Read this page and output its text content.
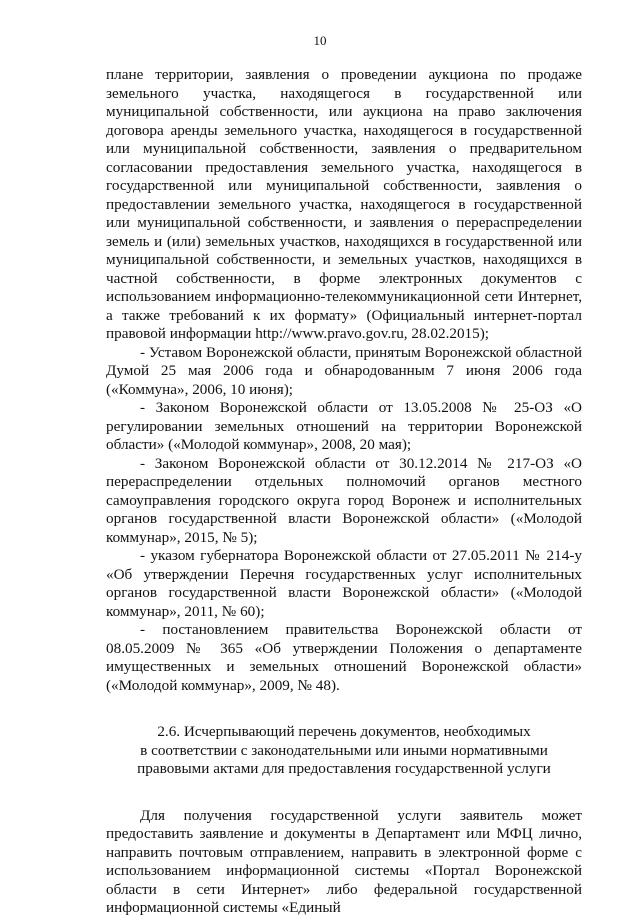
10

плане территории, заявления о проведении аукциона по продаже земельного участка, находящегося в государственной или муниципальной собственности, или аукциона на право заключения договора аренды земельного участка, находящегося в государственной или муниципальной собственности, заявления о предварительном согласовании предоставления земельного участка, находящегося в государственной или муниципальной собственности, заявления о предоставлении земельного участка, находящегося в государственной или муниципальной собственности, и заявления о перераспределении земель и (или) земельных участков, находящихся в государственной или муниципальной собственности, и земельных участков, находящихся в частной собственности, в форме электронных документов с использованием информационно-телекоммуникационной сети Интернет, а также требований к их формату» (Официальный интернет-портал правовой информации http://www.pravo.gov.ru, 28.02.2015);

- Уставом Воронежской области, принятым Воронежской областной Думой 25 мая 2006 года и обнародованным 7 июня 2006 года («Коммуна», 2006, 10 июня);

- Законом Воронежской области от 13.05.2008 № 25-ОЗ «О регулировании земельных отношений на территории Воронежской области» («Молодой коммунар», 2008, 20 мая);

- Законом Воронежской области от 30.12.2014 № 217-ОЗ «О перераспределении отдельных полномочий органов местного самоуправления городского округа город Воронеж и исполнительных органов государственной власти Воронежской области» («Молодой коммунар», 2015, № 5);

- указом губернатора Воронежской области от 27.05.2011 № 214-у «Об утверждении Перечня государственных услуг исполнительных органов государственной власти Воронежской области» («Молодой коммунар», 2011, № 60);

- постановлением правительства Воронежской области от 08.05.2009 № 365 «Об утверждении Положения о департаменте имущественных и земельных отношений Воронежской области» («Молодой коммунар», 2009, № 48).

2.6. Исчерпывающий перечень документов, необходимых
в соответствии с законодательными или иными нормативными
правовыми актами для предоставления государственной услуги

Для получения государственной услуги заявитель может предоставить заявление и документы в Департамент или МФЦ лично, направить почтовым отправлением, направить в электронной форме с использованием информационной системы «Портал Воронежской области в сети Интернет» либо федеральной государственной информационной системы «Единый
